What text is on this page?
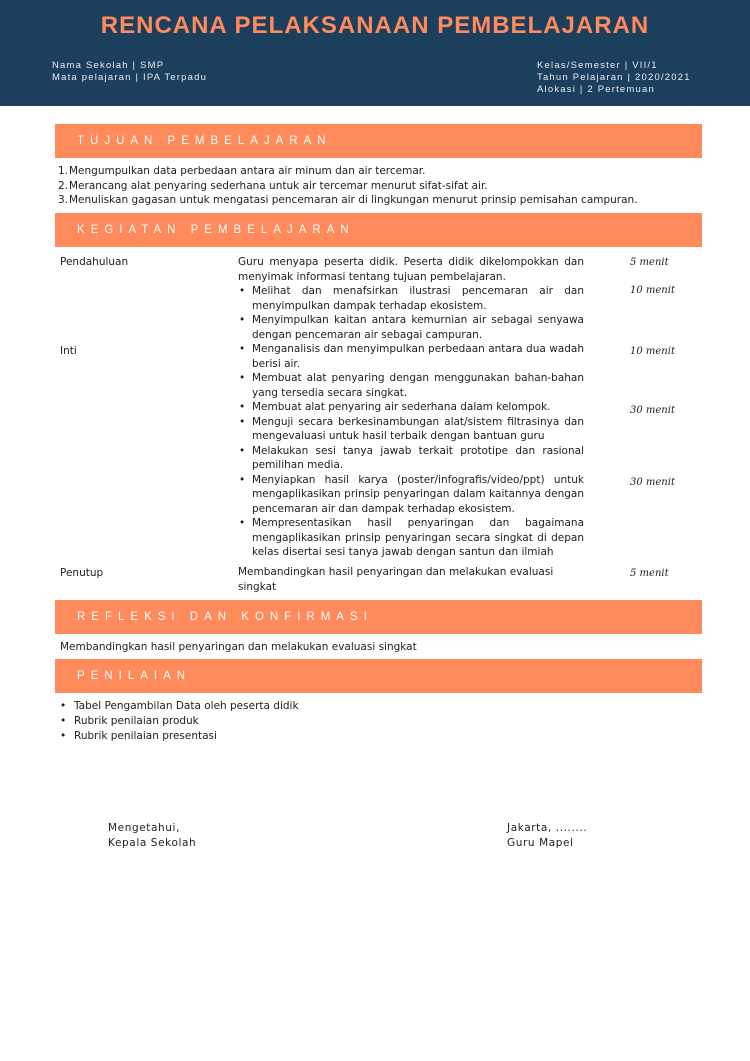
RENCANA PELAKSANAAN PEMBELAJARAN
Nama Sekolah | SMP
Mata pelajaran | IPA Terpadu
Kelas/Semester | VII/1
Tahun Pelajaran | 2020/2021
Alokasi | 2 Pertemuan
TUJUAN PEMBELAJARAN
1. Mengumpulkan data perbedaan antara air minum dan air tercemar.
2. Merancang alat penyaring sederhana untuk air tercemar menurut sifat-sifat air.
3. Menuliskan gagasan untuk mengatasi pencemaran air di lingkungan menurut prinsip pemisahan campuran.
KEGIATAN PEMBELAJARAN
Pendahuluan	Guru menyapa peserta didik. Peserta didik dikelompokkan dan menyimak informasi tentang tujuan pembelajaran.
5 menit
Inti
• Melihat dan menafsirkan ilustrasi pencemaran air dan menyimpulkan dampak terhadap ekosistem.
• Menyimpulkan kaitan antara kemurnian air sebagai senyawa dengan pencemaran air sebagai campuran.
• Menganalisis dan menyimpulkan perbedaan antara dua wadah berisi air.
• Membuat alat penyaring dengan menggunakan bahan-bahan yang tersedia secara singkat.
• Membuat alat penyaring air sederhana dalam kelompok.
• Menguji secara berkesinambungan alat/sistem filtrasinya dan mengevaluasi untuk hasil terbaik dengan bantuan guru
• Melakukan sesi tanya jawab terkait prototipe dan rasional pemilihan media.
• Menyiapkan hasil karya (poster/infografis/video/ppt) untuk mengaplikasikan prinsip penyaringan dalam kaitannya dengan pencemaran air dan dampak terhadap ekosistem.
• Mempresentasikan hasil penyaringan dan bagaimana mengaplikasikan prinsip penyaringan secara singkat di depan kelas disertai sesi tanya jawab dengan santun dan ilmiah
10 menit
10 menit
30 menit
30 menit
Penutup	Membandingkan hasil penyaringan dan melakukan evaluasi singkat
5 menit
REFLEKSI DAN KONFIRMASI
Membandingkan hasil penyaringan dan melakukan evaluasi singkat
PENILAIAN
• Tabel Pengambilan Data oleh peserta didik
• Rubrik penilaian produk
• Rubrik penilaian presentasi
Mengetahui,
Kepala Sekolah
Jakarta, ........
Guru Mapel
